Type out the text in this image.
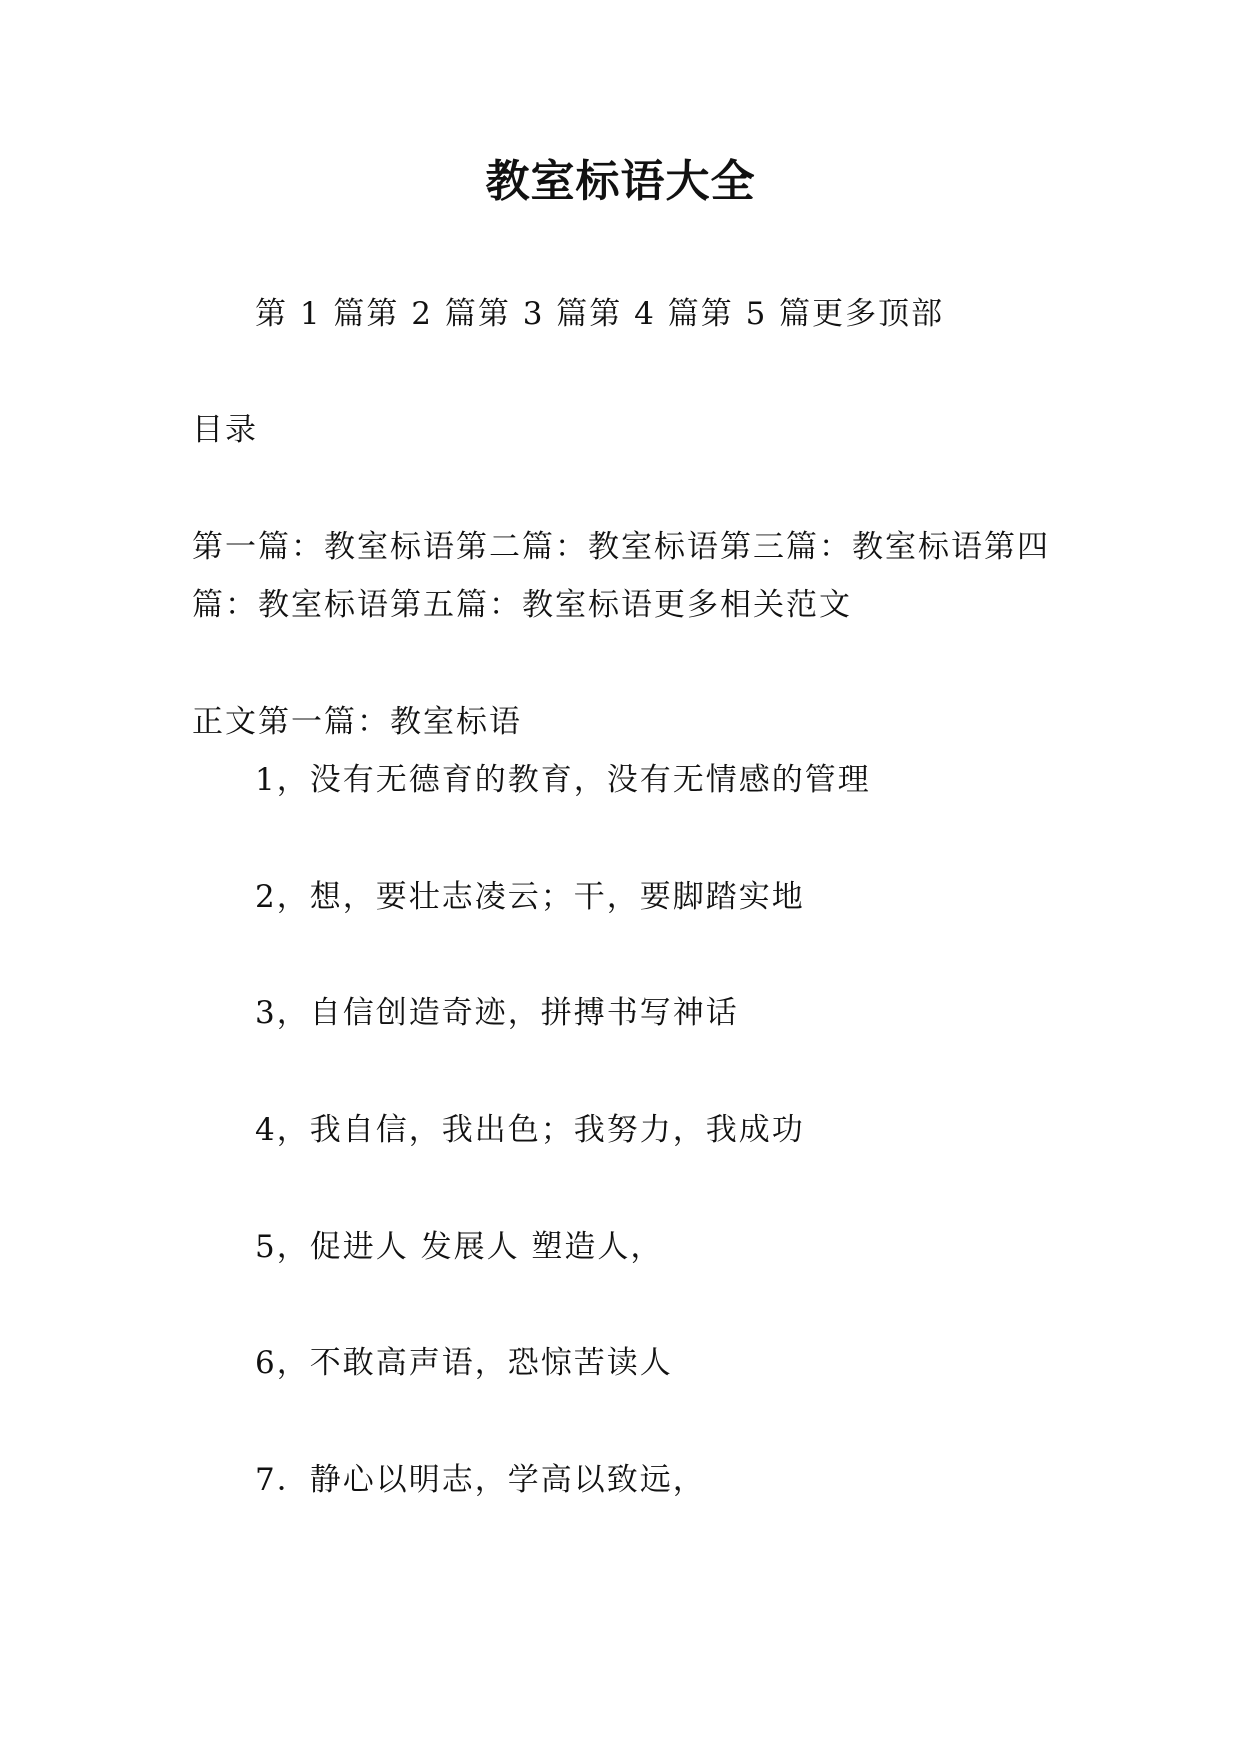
教室标语大全
第 1 篇第 2 篇第 3 篇第 4 篇第 5 篇更多顶部
目录
第一篇：教室标语第二篇：教室标语第三篇：教室标语第四
篇：教室标语第五篇：教室标语更多相关范文
正文第一篇：教室标语
1，没有无德育的教育，没有无情感的管理
2，想，要壮志凌云；干，要脚踏实地
3，自信创造奇迹，拼搏书写神话
4，我自信，我出色；我努力，我成功
5，促进人 发展人 塑造人，
6，不敢高声语，恐惊苦读人
7．静心以明志，学高以致远，
